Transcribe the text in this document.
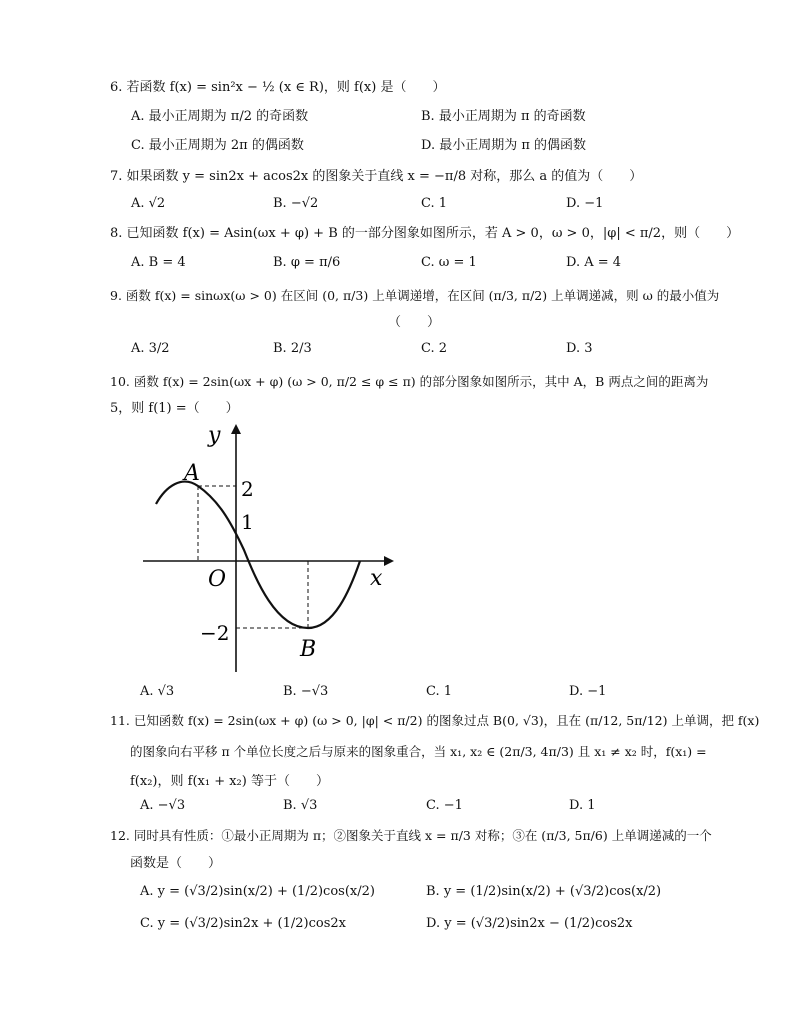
6. 若函数 f(x) = sin²x − ½ (x ∈ R)，则 f(x) 是（　　）
A. 最小正周期为 π/2 的奇函数	B. 最小正周期为 π 的奇函数
C. 最小正周期为 2π 的偶函数	D. 最小正周期为 π 的偶函数
7. 如果函数 y = sin2x + acos2x 的图象关于直线 x = −π/8 对称，那么 a 的值为（　　）
A. √2	B. −√2	C. 1	D. −1
8. 已知函数 f(x) = Asin(ωx + φ) + B 的一部分图象如图所示，若 A > 0，ω > 0，|φ| < π/2，则（　　）
A. B = 4	B. φ = π/6	C. ω = 1	D. A = 4
9. 函数 f(x) = sinωx(ω > 0) 在区间 (0, π/3) 上单调递增，在区间 (π/3, π/2) 上单调递减，则 ω 的最小值为
（　　）
A. 3/2	B. 2/3	C. 2	D. 3
10. 函数 f(x) = 2sin(ωx + φ) (ω > 0, π/2 ≤ φ ≤ π) 的部分图象如图所示，其中 A，B 两点之间的距离为
5，则 f(1) =（　　）
y
x
O
A
B
2
1
−2
A. √3	B. −√3	C. 1	D. −1
11. 已知函数 f(x) = 2sin(ωx + φ) (ω > 0, |φ| < π/2) 的图象过点 B(0, √3)，且在 (π/12, 5π/12) 上单调，把 f(x)
的图象向右平移 π 个单位长度之后与原来的图象重合，当 x₁, x₂ ∈ (2π/3, 4π/3) 且 x₁ ≠ x₂ 时，f(x₁) =
f(x₂)，则 f(x₁ + x₂) 等于（　　）
A. −√3	B. √3	C. −1	D. 1
12. 同时具有性质：①最小正周期为 π；②图象关于直线 x = π/3 对称；③在 (π/3, 5π/6) 上单调递减的一个
函数是（　　）
A. y = (√3/2)sin(x/2) + (1/2)cos(x/2)	B. y = (1/2)sin(x/2) + (√3/2)cos(x/2)
C. y = (√3/2)sin2x + (1/2)cos2x	D. y = (√3/2)sin2x − (1/2)cos2x
